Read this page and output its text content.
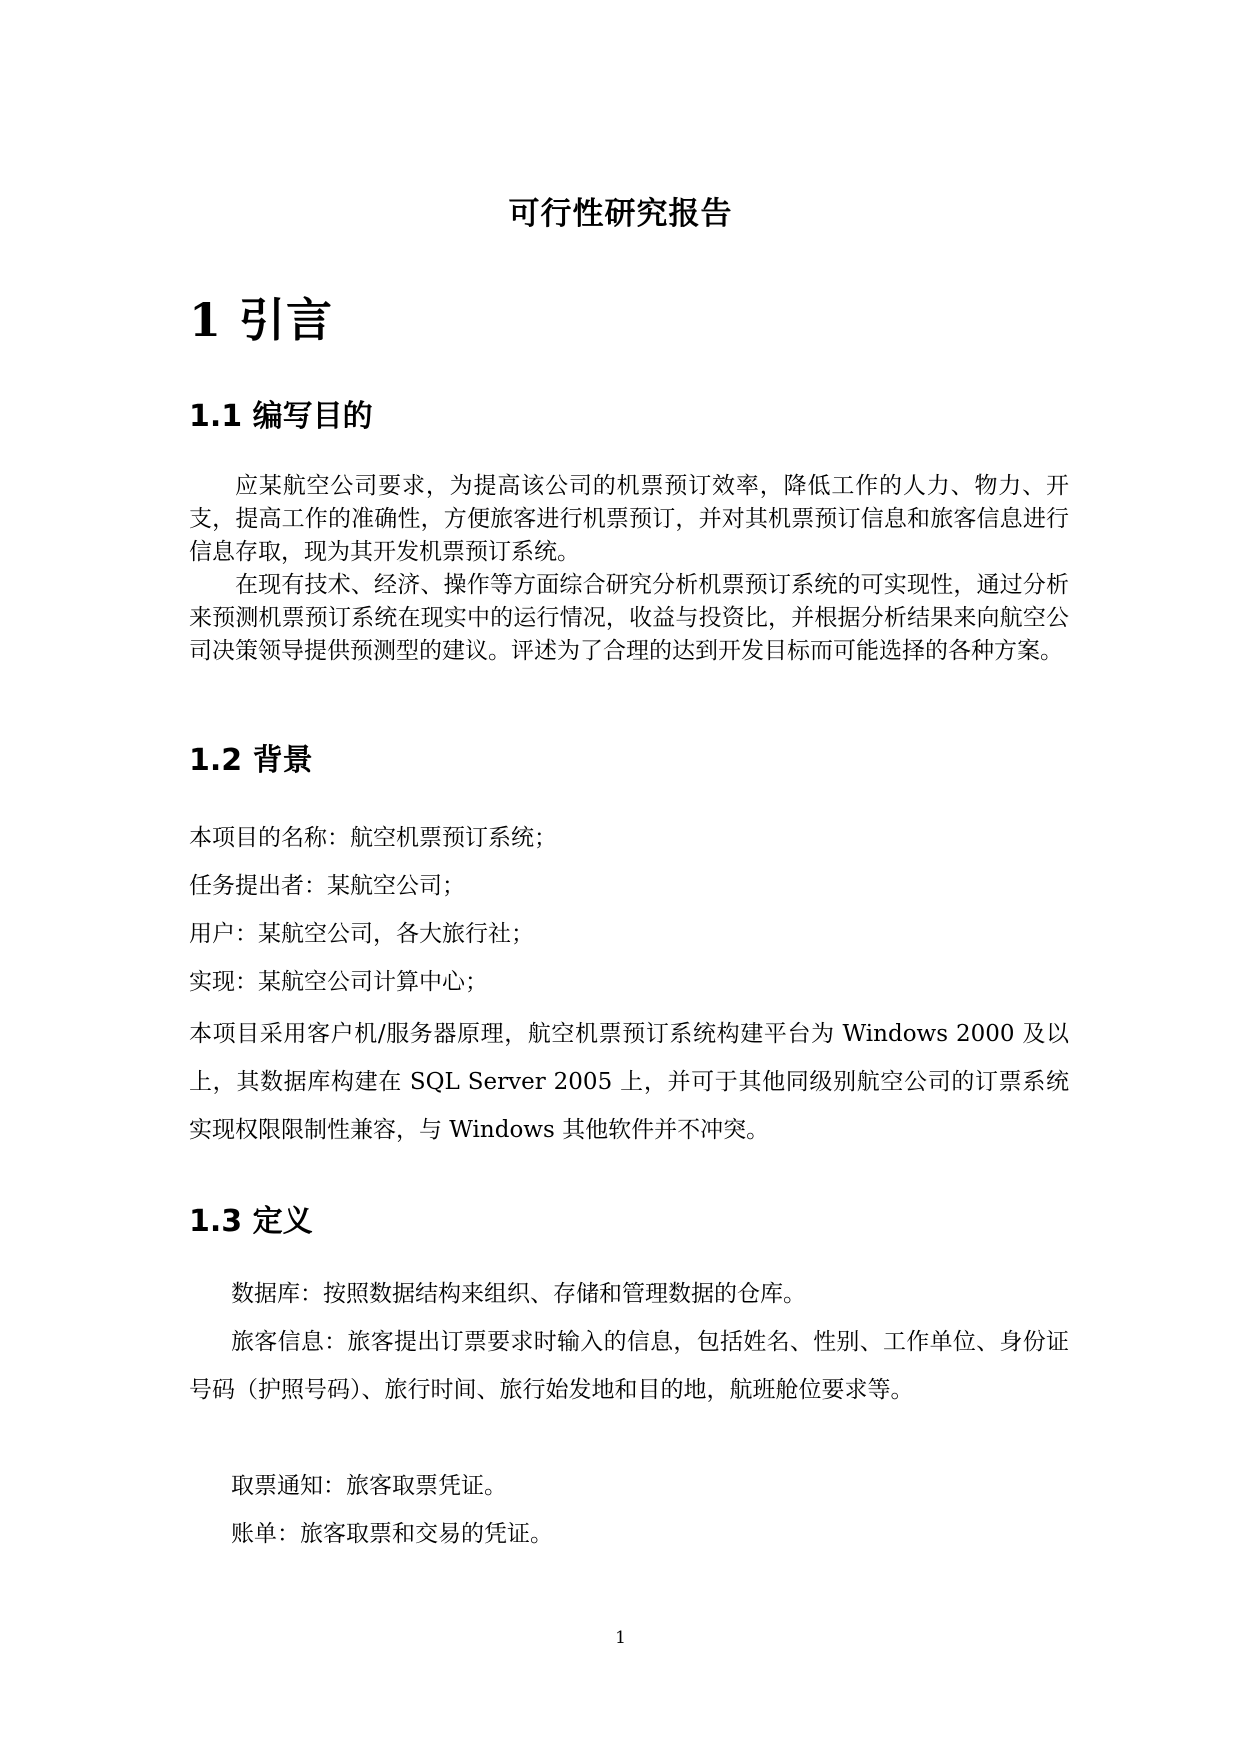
可行性研究报告
1 引言
1.1 编写目的

应某航空公司要求，为提高该公司的机票预订效率，降低工作的人力、物力、开支，提高工作的准确性，方便旅客进行机票预订，并对其机票预订信息和旅客信息进行信息存取，现为其开发机票预订系统。

在现有技术、经济、操作等方面综合研究分析机票预订系统的可实现性，通过分析来预测机票预订系统在现实中的运行情况，收益与投资比，并根据分析结果来向航空公司决策领导提供预测型的建议。评述为了合理的达到开发目标而可能选择的各种方案。

1.2 背景

本项目的名称：航空机票预订系统；

任务提出者：某航空公司；

用户：某航空公司，各大旅行社；

实现：某航空公司计算中心；

本项目采用客户机/服务器原理，航空机票预订系统构建平台为 Windows 2000 及以上，其数据库构建在 SQL Server 2005 上，并可于其他同级别航空公司的订票系统实现权限限制性兼容，与 Windows 其他软件并不冲突。

1.3 定义

数据库：按照数据结构来组织、存储和管理数据的仓库。

旅客信息：旅客提出订票要求时输入的信息，包括姓名、性别、工作单位、身份证号码（护照号码）、旅行时间、旅行始发地和目的地，航班舱位要求等。

取票通知：旅客取票凭证。

账单：旅客取票和交易的凭证。

1
